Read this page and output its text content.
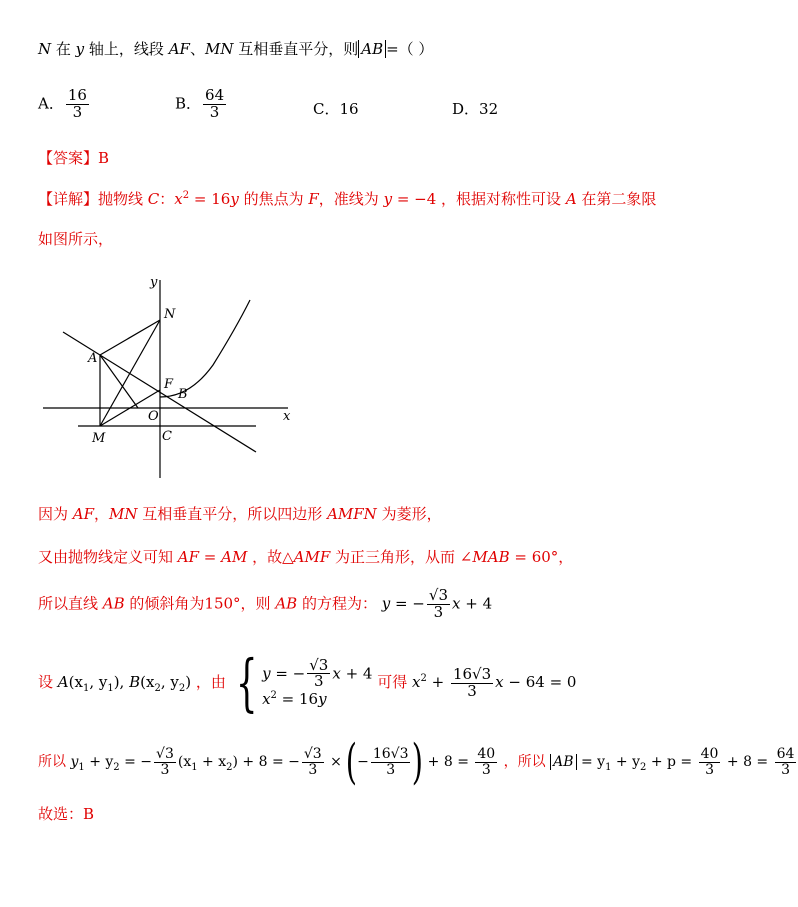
N 在 y 轴上，线段 AF、MN 互相垂直平分，则 AB =（ ）
A． $\frac{16}{3}$	B． $\frac{64}{3}$	C．16	D．32
【答案】B
【详解】抛物线 C：$x^2 = 16y$ 的焦点为 F，准线为 y = −4 ，根据对称性可设 A 在第二象限
如图所示，
y
x
N
A
F
B
O
M	C
因为 AF，MN 互相垂直平分，所以四边形 AMFN 为菱形，
又由抛物线定义可知 AF = AM ，故△AMF 为正三角形，从而 ∠MAB = 60°，
所以直线 AB 的倾斜角为150°，则 AB 的方程为： y = − $\frac{√3}{3}$ x + 4
设 $A(x_1$, $y_1$), $B(x_2$, $y_2$) ，由 { y = − $\frac{√3}{3}$ x + 4
$x^2 = 16y$
可得 $x^2 + \frac{16√3}{3}$ x − 64 = 0
所以 $y_1 + y_2$ = − $\frac{√3}{3} (x_1 + x_2) + 8$ = − $\frac{√3}{3}$ × (− $\frac{16√3}{3}$ ) + $8 = \frac{40}{3}$ ，所以 AB = $y_1 + y_2 + p = \frac{40}{3} + 8 = \frac{64}{3}$
故选：B
